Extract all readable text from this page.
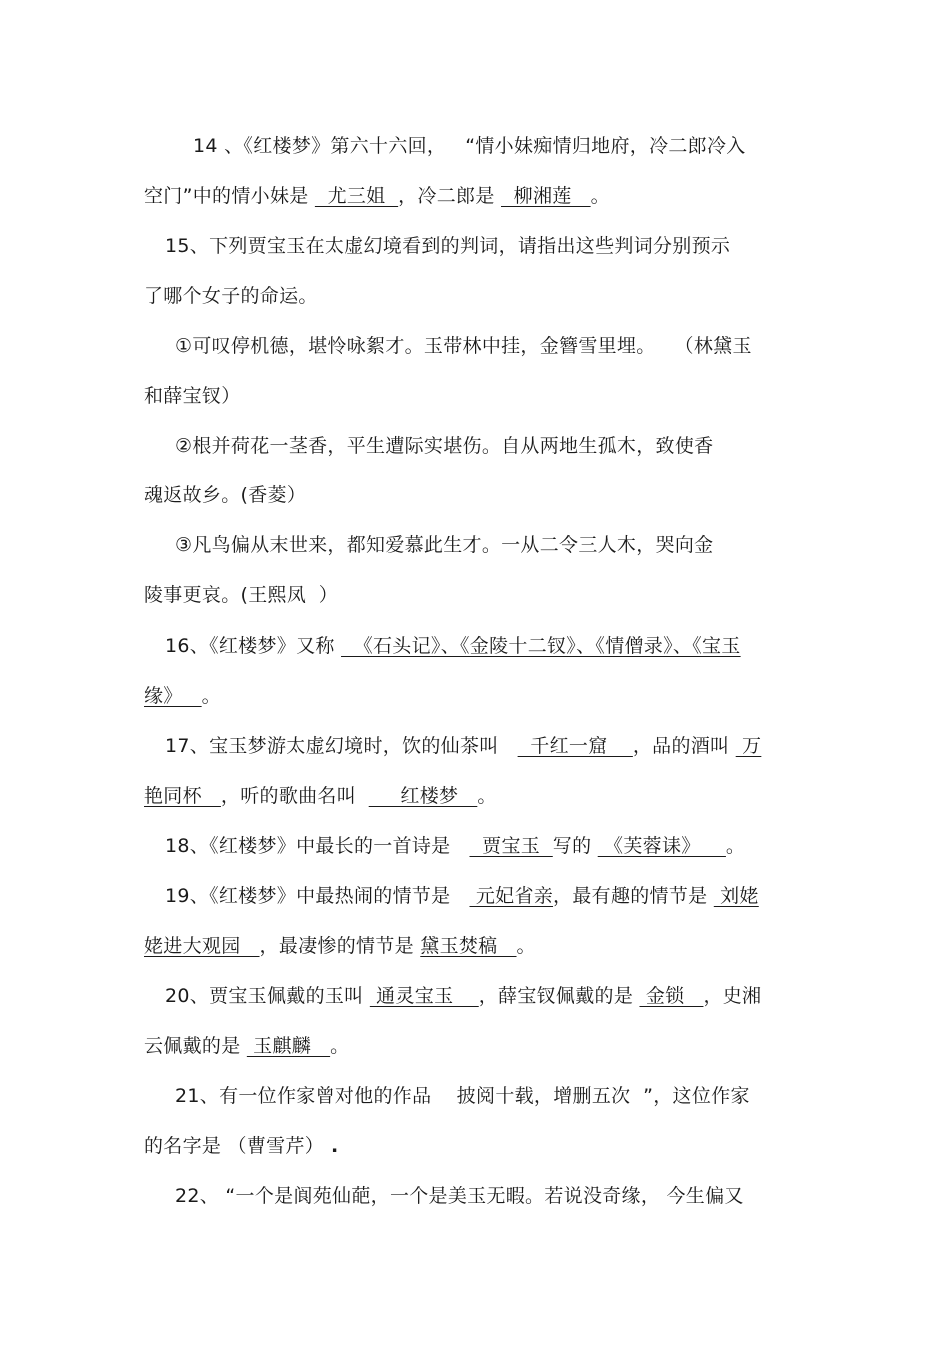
14 、《红楼梦》第六十六回，   “情小妹痴情归地府，冷二郎冷入
空门”中的情小妹是   尤三姐  ，冷二郎是   柳湘莲   。
15、下列贾宝玉在太虚幻境看到的判词，请指出这些判词分别预示
了哪个女子的命运。
①可叹停机德，堪怜咏絮才。玉带林中挂，金簪雪里埋。   （林黛玉
和薛宝钗）
②根并荷花一茎香，平生遭际实堪伤。自从两地生孤木，致使香
魂返故乡。(香菱）
③凡鸟偏从末世来，都知爱慕此生才。一从二令三人木，哭向金
陵事更哀。(王熙凤  ）
16、《红楼梦》又称   《石头记》、《金陵十二钗》、《情僧录》、《宝玉
缘》   。
17、宝玉梦游太虚幻境时，饮的仙茶叫     千红一窟    ，品的酒叫  万
艳同杯   ，听的歌曲名叫       红楼梦   。
18、《红楼梦》中最长的一首诗是     贾宝玉  写的  《芙蓉诔》    。
19、《红楼梦》中最热闹的情节是    元妃省亲，最有趣的情节是  刘姥
姥进大观园   ，最凄惨的情节是 黛玉焚稿   。
20、贾宝玉佩戴的玉叫  通灵宝玉    ，薛宝钗佩戴的是  金锁   ，史湘
云佩戴的是  玉麒麟   。
21、有一位作家曾对他的作品    披阅十载，增删五次  ”，这位作家
的名字是 （曹雪芹） .
22、 “一个是阆苑仙葩，一个是美玉无暇。若说没奇缘， 今生偏又
